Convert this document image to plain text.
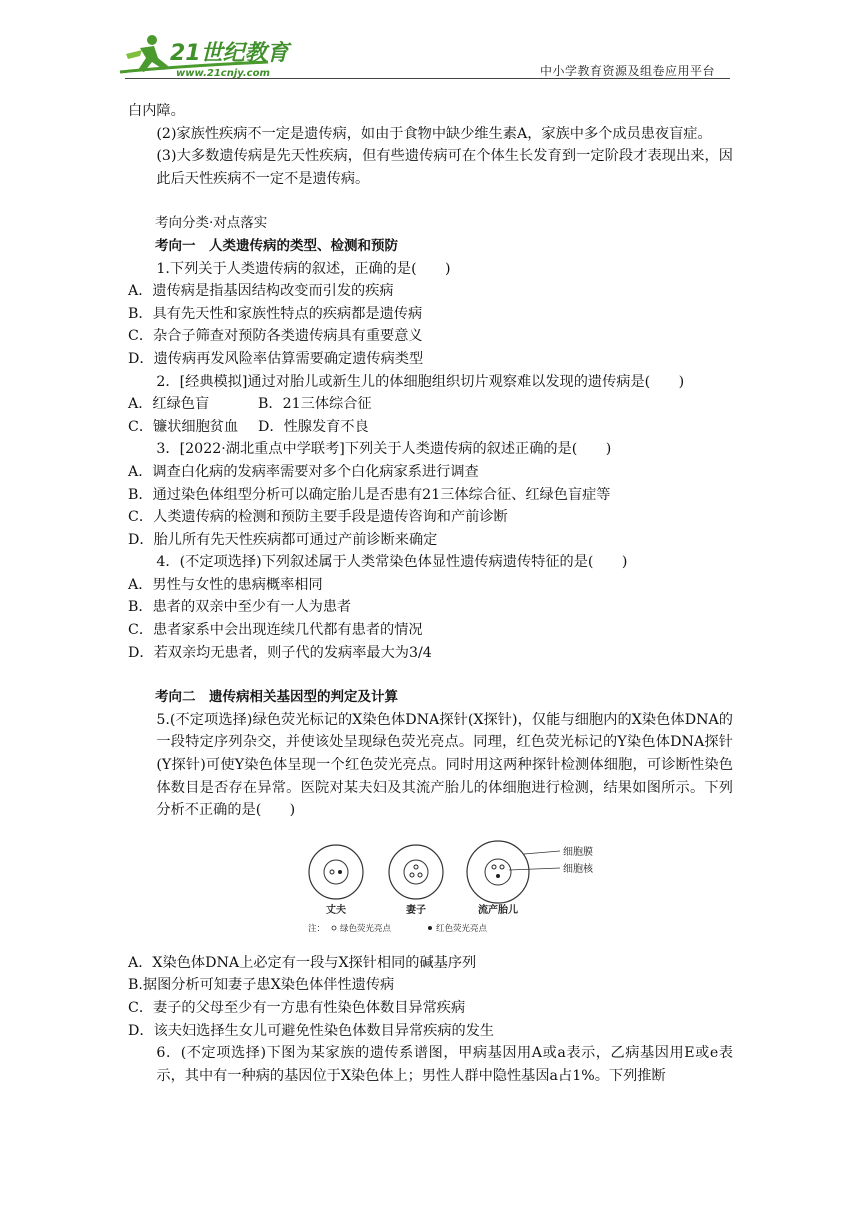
21世纪教育
www.21cnjy.com	中小学教育资源及组卷应用平台
白内障。
(2)家族性疾病不一定是遗传病，如由于食物中缺少维生素A，家族中多个成员患夜盲症。
(3)大多数遗传病是先天性疾病，但有些遗传病可在个体生长发育到一定阶段才表现出来，因此后天性疾病不一定不是遗传病。
考向分类·对点落实
考向一　人类遗传病的类型、检测和预防
1.下列关于人类遗传病的叙述，正确的是(　　)
A．遗传病是指基因结构改变而引发的疾病
B．具有先天性和家族性特点的疾病都是遗传病
C．杂合子筛查对预防各类遗传病具有重要意义
D．遗传病再发风险率估算需要确定遗传病类型
2．[经典模拟]通过对胎儿或新生儿的体细胞组织切片观察难以发现的遗传病是(　　)
A．红绿色盲	B．21三体综合征
C．镰状细胞贫血 D．性腺发育不良
3．[2022·湖北重点中学联考]下列关于人类遗传病的叙述正确的是(　　)
A．调查白化病的发病率需要对多个白化病家系进行调查
B．通过染色体组型分析可以确定胎儿是否患有21三体综合征、红绿色盲症等
C．人类遗传病的检测和预防主要手段是遗传咨询和产前诊断
D．胎儿所有先天性疾病都可通过产前诊断来确定
4．(不定项选择)下列叙述属于人类常染色体显性遗传病遗传特征的是(　　)
A．男性与女性的患病概率相同
B．患者的双亲中至少有一人为患者
C．患者家系中会出现连续几代都有患者的情况
D．若双亲均无患者，则子代的发病率最大为3/4
考向二　遗传病相关基因型的判定及计算
5.(不定项选择)绿色荧光标记的X染色体DNA探针(X探针)，仅能与细胞内的X染色体DNA的一段特定序列杂交，并使该处呈现绿色荧光亮点。同理，红色荧光标记的Y染色体DNA探针(Y探针)可使Y染色体呈现一个红色荧光亮点。同时用这两种探针检测体细胞，可诊断性染色体数目是否存在异常。医院对某夫妇及其流产胎儿的体细胞进行检测，结果如图所示。下列分析不正确的是(　　)
细胞膜
细胞核
丈夫	妻子	流产胎儿
注： 绿色荧光亮点	红色荧光亮点
A．X染色体DNA上必定有一段与X探针相同的碱基序列
B.据图分析可知妻子患X染色体伴性遗传病
C．妻子的父母至少有一方患有性染色体数目异常疾病
D．该夫妇选择生女儿可避免性染色体数目异常疾病的发生
6．(不定项选择)下图为某家族的遗传系谱图，甲病基因用A或a表示，乙病基因用E或e表示，其中有一种病的基因位于X染色体上；男性人群中隐性基因a占1%。下列推断
